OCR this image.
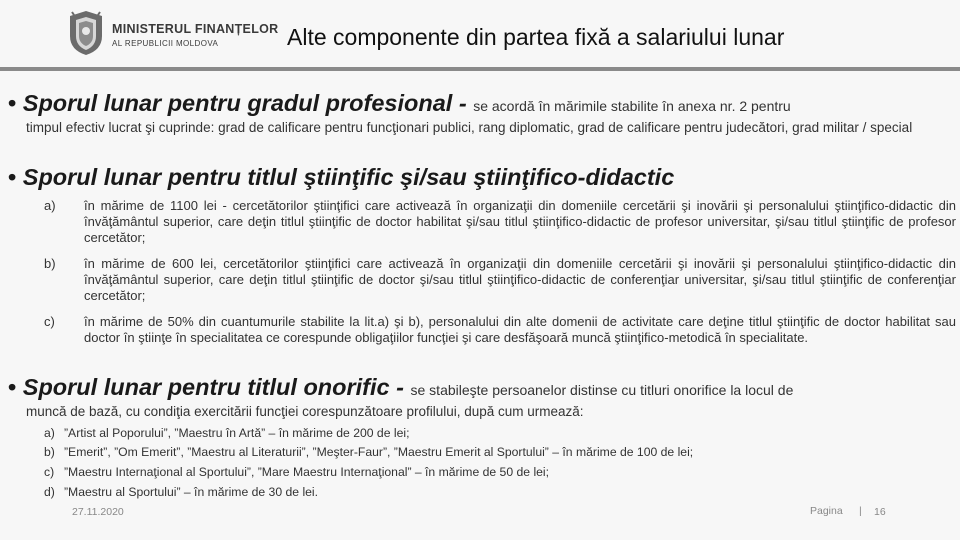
MINISTERUL FINANȚELOR
AL REPUBLICII MOLDOVA	Alte componente din partea fixă a salariului lunar
• Sporul lunar pentru gradul profesional - se acordă în mărimile stabilite în anexa nr. 2 pentru
timpul efectiv lucrat şi cuprinde: grad de calificare pentru funcţionari publici, rang diplomatic, grad de calificare pentru judecători, grad militar / special
• Sporul lunar pentru titlul ştiinţific şi/sau ştiinţifico-didactic
a) în mărime de 1100 lei - cercetătorilor ştiinţifici care activează în organizaţii din domeniile cercetării şi inovării şi personalului ştiinţifico-didactic din învăţământul superior, care deţin titlul ştiinţific de doctor habilitat şi/sau titlul ştiinţifico-didactic de profesor universitar, şi/sau titlul ştiinţific de profesor cercetător;
b) în mărime de 600 lei, cercetătorilor ştiinţifici care activează în organizaţii din domeniile cercetării şi inovării şi personalului ştiinţifico-didactic din învăţământul superior, care deţin titlul ştiinţific de doctor şi/sau titlul ştiinţifico-didactic de conferenţiar universitar, şi/sau titlul ştiinţific de conferenţiar cercetător;
c) în mărime de 50% din cuantumurile stabilite la lit.a) şi b), personalului din alte domenii de activitate care deţine titlul ştiinţific de doctor habilitat sau doctor în ştiinţe în specialitatea ce corespunde obligaţiilor funcţiei şi care desfăşoară muncă ştiinţifico-metodică în specialitate.
• Sporul lunar pentru titlul onorific - se stabileşte persoanelor distinse cu titluri onorifice la locul de
muncă de bază, cu condiţia exercitării funcţiei corespunzătoare profilului, după cum urmează:
a) ”Artist al Poporului”, ”Maestru în Artă” – în mărime de 200 de lei;
b) ”Emerit”, ”Om Emerit”, ”Maestru al Literaturii”, ”Meşter-Faur”, ”Maestru Emerit al Sportului” – în mărime de 100 de lei;
c) ”Maestru Internaţional al Sportului”, ”Mare Maestru Internaţional” – în mărime de 50 de lei;
d) ”Maestru al Sportului” – în mărime de 30 de lei.
27.11.2020	Pagina | 16
